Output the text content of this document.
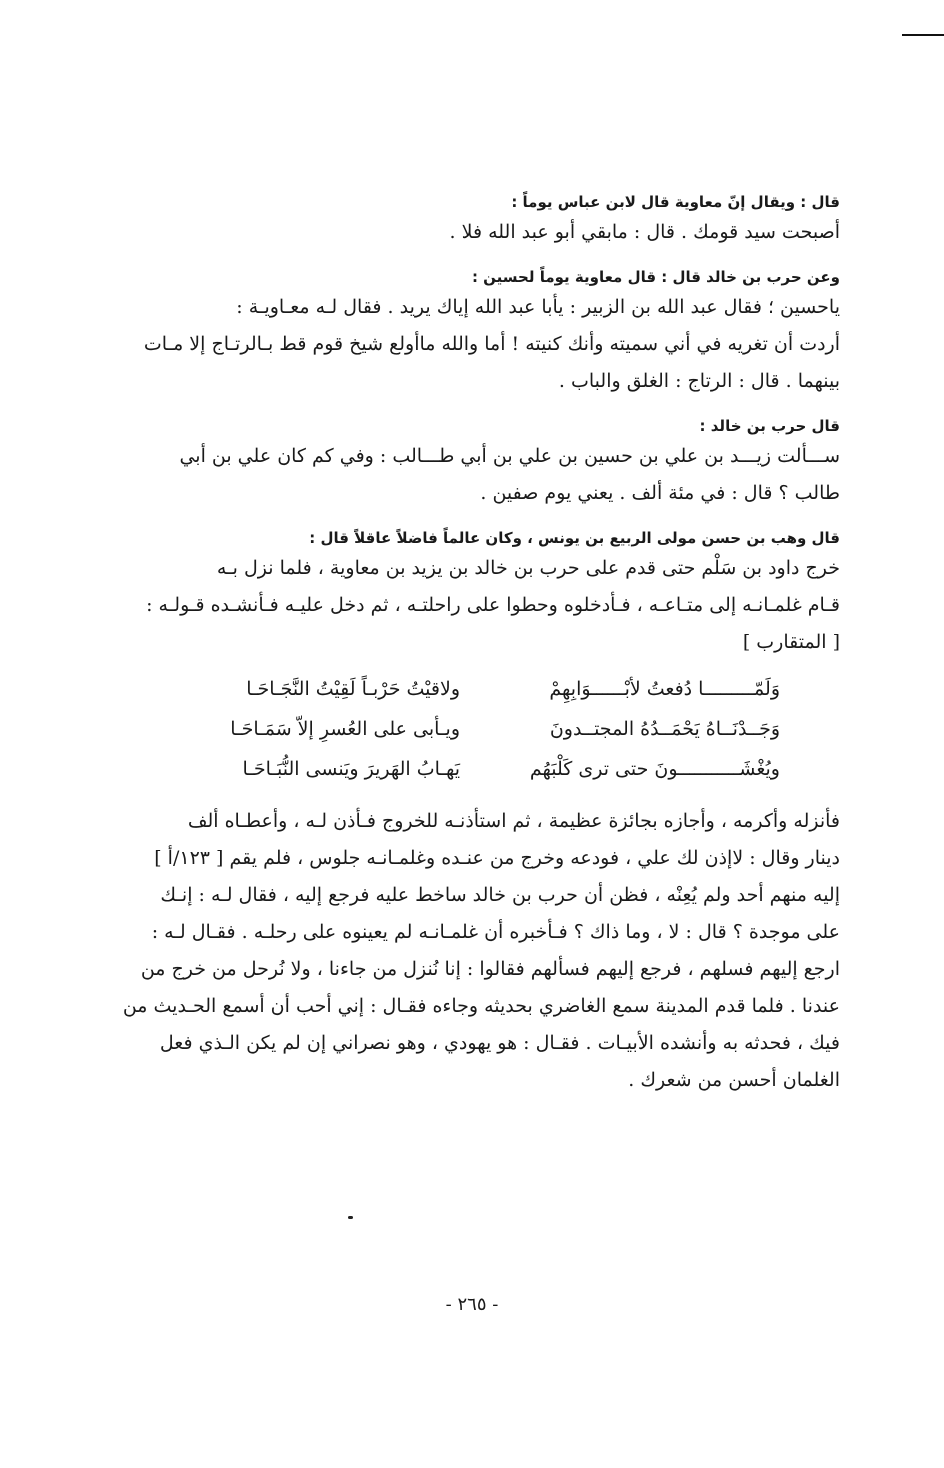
قال : ويقال إنّ معاوية قال لابن عباس يوماً :

أصبحت سيد قومك . قال : مابقي أبو عبد الله فلا .

وعن حرب بن خالد قال : قال معاوية يوماً لحسين :

ياحسين ؛ فقال عبد الله بن الزبير : يأبا عبد الله إياك يريد . فقال لـه معـاويـة :
أردت أن تغريه في أني سميته وأنك كنيته ! أما والله ماأولع شيخ قوم قط بـالرتـاج إلا مـات
بينهما . قال : الرتاج : الغلق والباب .

قال حرب بن خالد :

ســـألت زيـــد بن علي بن حسين بن علي بن أبي طـــالب : وفي كم كان علي بن أبي
طالب ؟ قال : في مئة ألف . يعني يوم صفين .

قال وهب بن حسن مولى الربيع بن يونس ، وكان عالماً فاضلاً عاقلاً قال :

خرج داود بن سَلْم حتى قدم على حرب بن خالد بن يزيد بن معاوية ، فلما نزل بـه
قـام غلمـانـه إلى متـاعـه ، فـأدخلوه وحطوا على راحلتـه ، ثم دخل عليـه فـأنشـده قـولـه :
[ المتقارب ]

وَلَمّـــــــــا دُفعتُ لأبْــــــوَابِهِمْ
ولاقيْتُ حَرْبـاً لَقِيْتُ النَّجَـاحَـا
وَجَــدْنَــاهُ يَحْمَــدُهُ المجتــدونَ
ويـأبى على العُسرِ إلاّ سَمَـاحَـا
ويُغْشَـــــــــــونَ حتى ترى كَلْبَهُم
يَهـابُ الهَريرَ ويَنسى النُّبَـاحَـا

فأنزله وأكرمه ، وأجازه بجائزة عظيمة ، ثم استأذنـه للخروج فـأذن لـه ، وأعطـاه ألف
دينار وقال : لاإذن لك علي ، فودعه وخرج من عنـده وغلمـانـه جلوس ، فلم يقم [ ١٢٣/أ ]
إليه منهم أحد ولم يُعِنْه ، فظن أن حرب بن خالد ساخط عليه فرجع إليه ، فقال لـه : إنـك
على موجدة ؟ قال : لا ، وما ذاك ؟ فـأخبره أن غلمـانـه لم يعينوه على رحلـه . فقـال لـه :
ارجع إليهم فسلهم ، فرجع إليهم فسألهم فقالوا : إنا نُنزل من جاءنا ، ولا نُرحل من خرج من
عندنا . فلما قدم المدينة سمع الغاضري بحديثه وجاءه فقـال : إني أحب أن أسمع الحـديث من
فيك ، فحدثه به وأنشده الأبيـات . فقـال : هو يهودي ، وهو نصراني إن لم يكن الـذي فعل
الغلمان أحسن من شعرك .

- ٢٦٥ -
